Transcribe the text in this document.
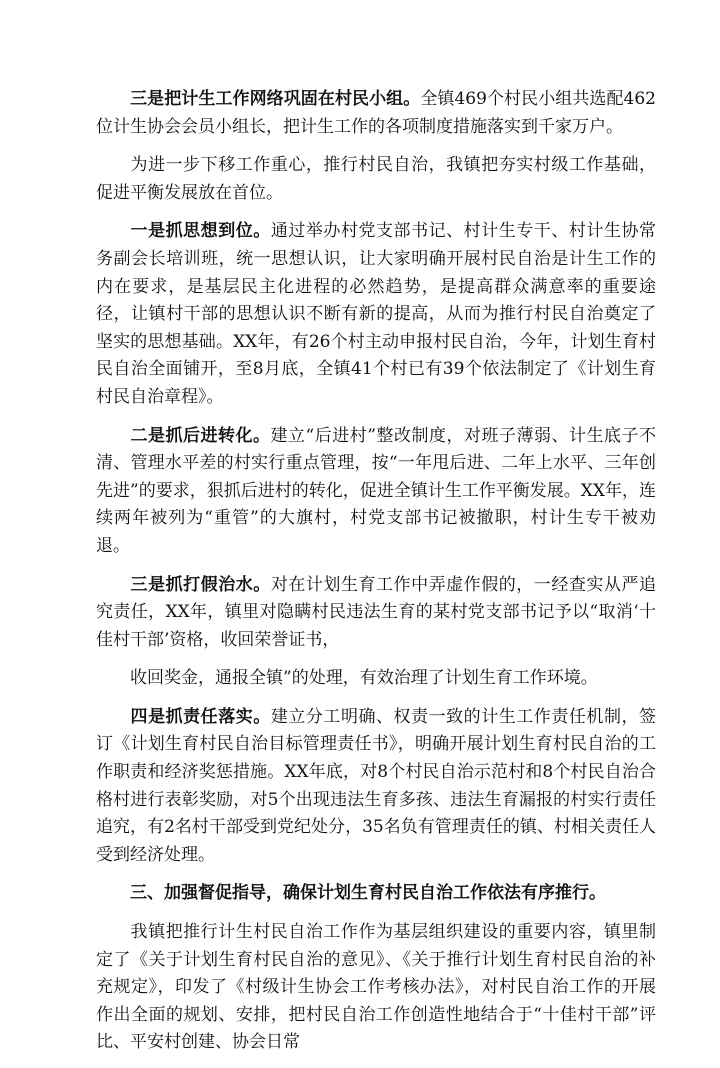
  三是把计生工作网络巩固在村民小组。全镇469个村民小组共选配462位计生协会会员小组长，把计生工作的各项制度措施落实到千家万户。

  为进一步下移工作重心，推行村民自治，我镇把夯实村级工作基础，促进平衡发展放在首位。

  一是抓思想到位。通过举办村党支部书记、村计生专干、村计生协常务副会长培训班，统一思想认识，让大家明确开展村民自治是计生工作的内在要求，是基层民主化进程的必然趋势，是提高群众满意率的重要途径，让镇村干部的思想认识不断有新的提高，从而为推行村民自治奠定了坚实的思想基础。XX年，有26个村主动申报村民自治，今年，计划生育村民自治全面铺开，至8月底，全镇41个村已有39个依法制定了《计划生育村民自治章程》。

  二是抓后进转化。建立“后进村”整改制度，对班子薄弱、计生底子不清、管理水平差的村实行重点管理，按“一年甩后进、二年上水平、三年创先进”的要求，狠抓后进村的转化，促进全镇计生工作平衡发展。XX年，连续两年被列为“重管”的大旗村，村党支部书记被撤职，村计生专干被劝退。

  三是抓打假治水。对在计划生育工作中弄虚作假的，一经查实从严追究责任，XX年，镇里对隐瞒村民违法生育的某村党支部书记予以“取消‘十佳村干部’资格，收回荣誉证书，

  收回奖金，通报全镇”的处理，有效治理了计划生育工作环境。

  四是抓责任落实。建立分工明确、权责一致的计生工作责任机制，签订《计划生育村民自治目标管理责任书》，明确开展计划生育村民自治的工作职责和经济奖惩措施。XX年底，对8个村民自治示范村和8个村民自治合格村进行表彰奖励，对5个出现违法生育多孩、违法生育漏报的村实行责任追究，有2名村干部受到党纪处分，35名负有管理责任的镇、村相关责任人受到经济处理。

  三、加强督促指导，确保计划生育村民自治工作依法有序推行。

  我镇把推行计生村民自治工作作为基层组织建设的重要内容，镇里制定了《关于计划生育村民自治的意见》、《关于推行计划生育村民自治的补充规定》，印发了《村级计生协会工作考核办法》，对村民自治工作的开展作出全面的规划、安排，把村民自治工作创造性地结合于“十佳村干部”评比、平安村创建、协会日常
